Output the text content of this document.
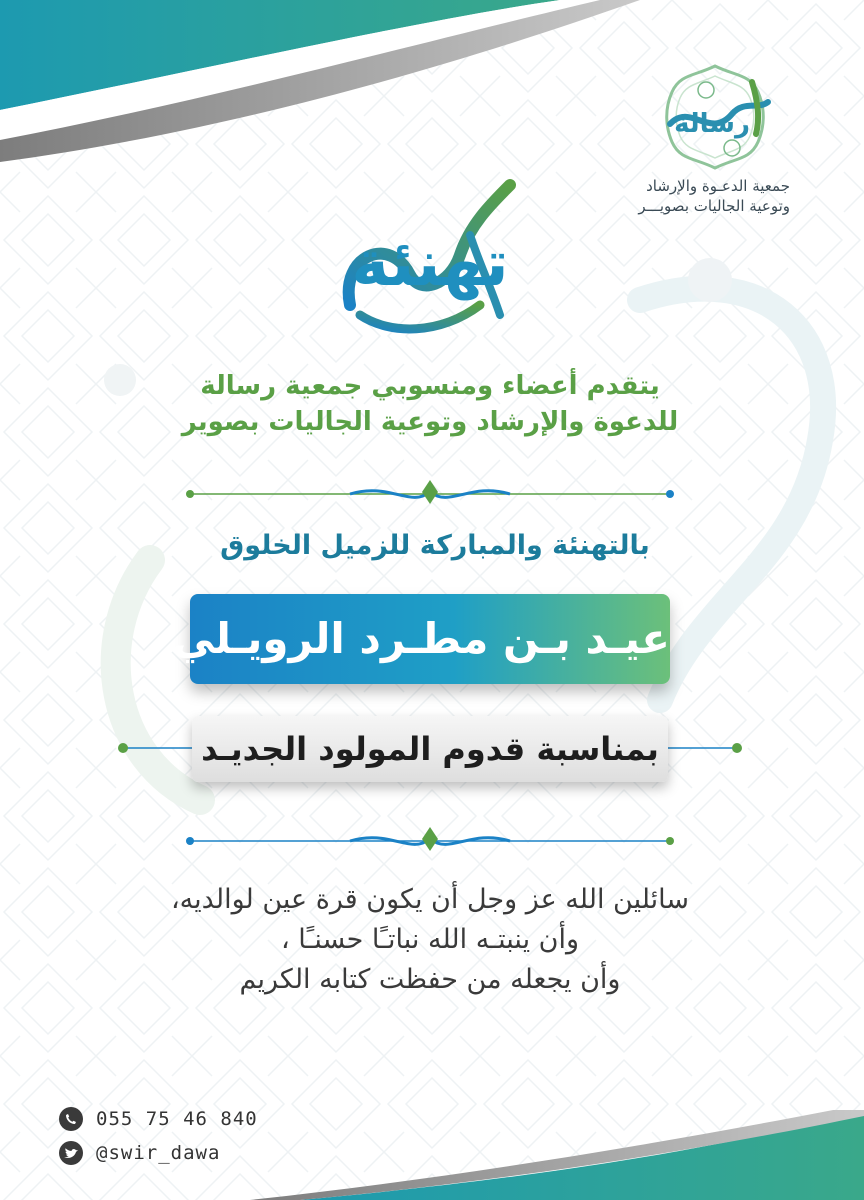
رسالة
جمعية الدعـوة والإرشاد
وتوعية الجاليات بصويـــر
تهنئة
يتقدم أعضاء ومنسوبي جمعية رسالة
للدعوة والإرشاد وتوعية الجاليات بصوير
بالتهنئة والمباركة للزميل الخلوق
عيـد بـن مطـرد الرويـلي
بمناسبة قدوم المولود الجديـد
سائلين الله عز وجل أن يكون قرة عين لوالديه،
وأن ينبتـه الله نباتـًا حسنـًا ،
وأن يجعله من حفظت كتابه الكريم
055 75 46 840
@swir_dawa
